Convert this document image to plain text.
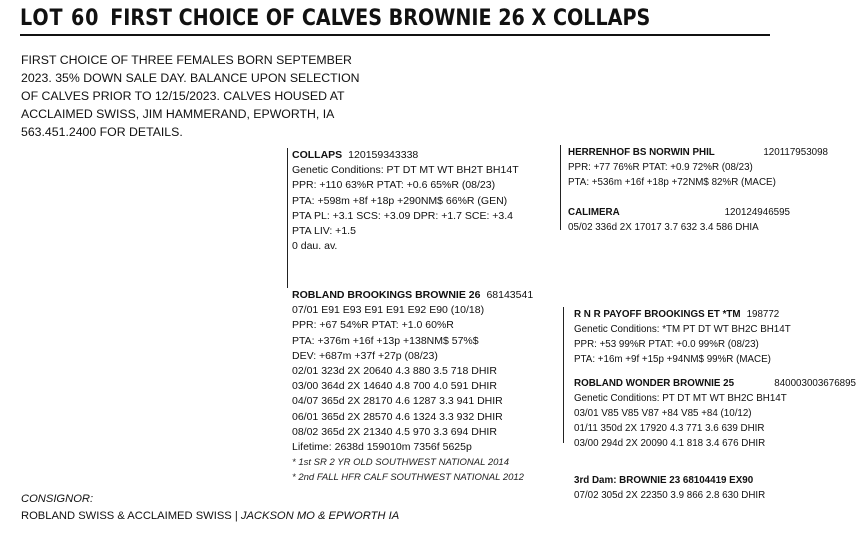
LOT 60 FIRST CHOICE OF CALVES BROWNIE 26 X COLLAPS
FIRST CHOICE OF THREE FEMALES BORN SEPTEMBER
2023. 35% DOWN SALE DAY. BALANCE UPON SELECTION
OF CALVES PRIOR TO 12/15/2023. CALVES HOUSED AT
ACCLAIMED SWISS, JIM HAMMERAND, EPWORTH, IA
563.451.2400 FOR DETAILS.
COLLAPS 120159343338
Genetic Conditions: PT DT MT WT BH2T BH14T
PPR: +110 63%R PTAT: +0.6 65%R (08/23)
PTA: +598m +8f +18p +290NM$ 66%R (GEN)
PTA PL: +3.1 SCS: +3.09 DPR: +1.7 SCE: +3.4
PTA LIV: +1.5
0 dau. av.
HERRENHOF BS NORWIN PHIL	120117953098
PPR: +77 76%R PTAT: +0.9 72%R (08/23)
PTA: +536m +16f +18p +72NM$ 82%R (MACE)
CALIMERA	120124946595
05/02 336d 2X 17017 3.7 632 3.4 586 DHIA
ROBLAND BROOKINGS BROWNIE 26 68143541
07/01 E91 E93 E91 E91 E92 E90 (10/18)
PPR: +67 54%R PTAT: +1.0 60%R
PTA: +376m +16f +13p +138NM$ 57%$
DEV: +687m +37f +27p (08/23)
02/01 323d 2X 20640 4.3 880 3.5 718 DHIR
03/00 364d 2X 14640 4.8 700 4.0 591 DHIR
04/07 365d 2X 28170 4.6 1287 3.3 941 DHIR
06/01 365d 2X 28570 4.6 1324 3.3 932 DHIR
08/02 365d 2X 21340 4.5 970 3.3 694 DHIR
Lifetime: 2638d 159010m 7356f 5625p
* 1st SR 2 YR OLD SOUTHWEST NATIONAL 2014
* 2nd FALL HFR CALF SOUTHWEST NATIONAL 2012
R N R PAYOFF BROOKINGS ET *TM 198772
Genetic Conditions: *TM PT DT WT BH2C BH14T
PPR: +53 99%R PTAT: +0.0 99%R (08/23)
PTA: +16m +9f +15p +94NM$ 99%R (MACE)
ROBLAND WONDER BROWNIE 25	840003003676895
Genetic Conditions: PT DT MT WT BH2C BH14T
03/01 V85 V85 V87 +84 V85 +84 (10/12)
01/11 350d 2X 17920 4.3 771 3.6 639 DHIR
03/00 294d 2X 20090 4.1 818 3.4 676 DHIR
3rd Dam: BROWNIE 23 68104419 EX90
07/02 305d 2X 22350 3.9 866 2.8 630 DHIR
CONSIGNOR:
ROBLAND SWISS & ACCLAIMED SWISS | JACKSON MO & EPWORTH IA
